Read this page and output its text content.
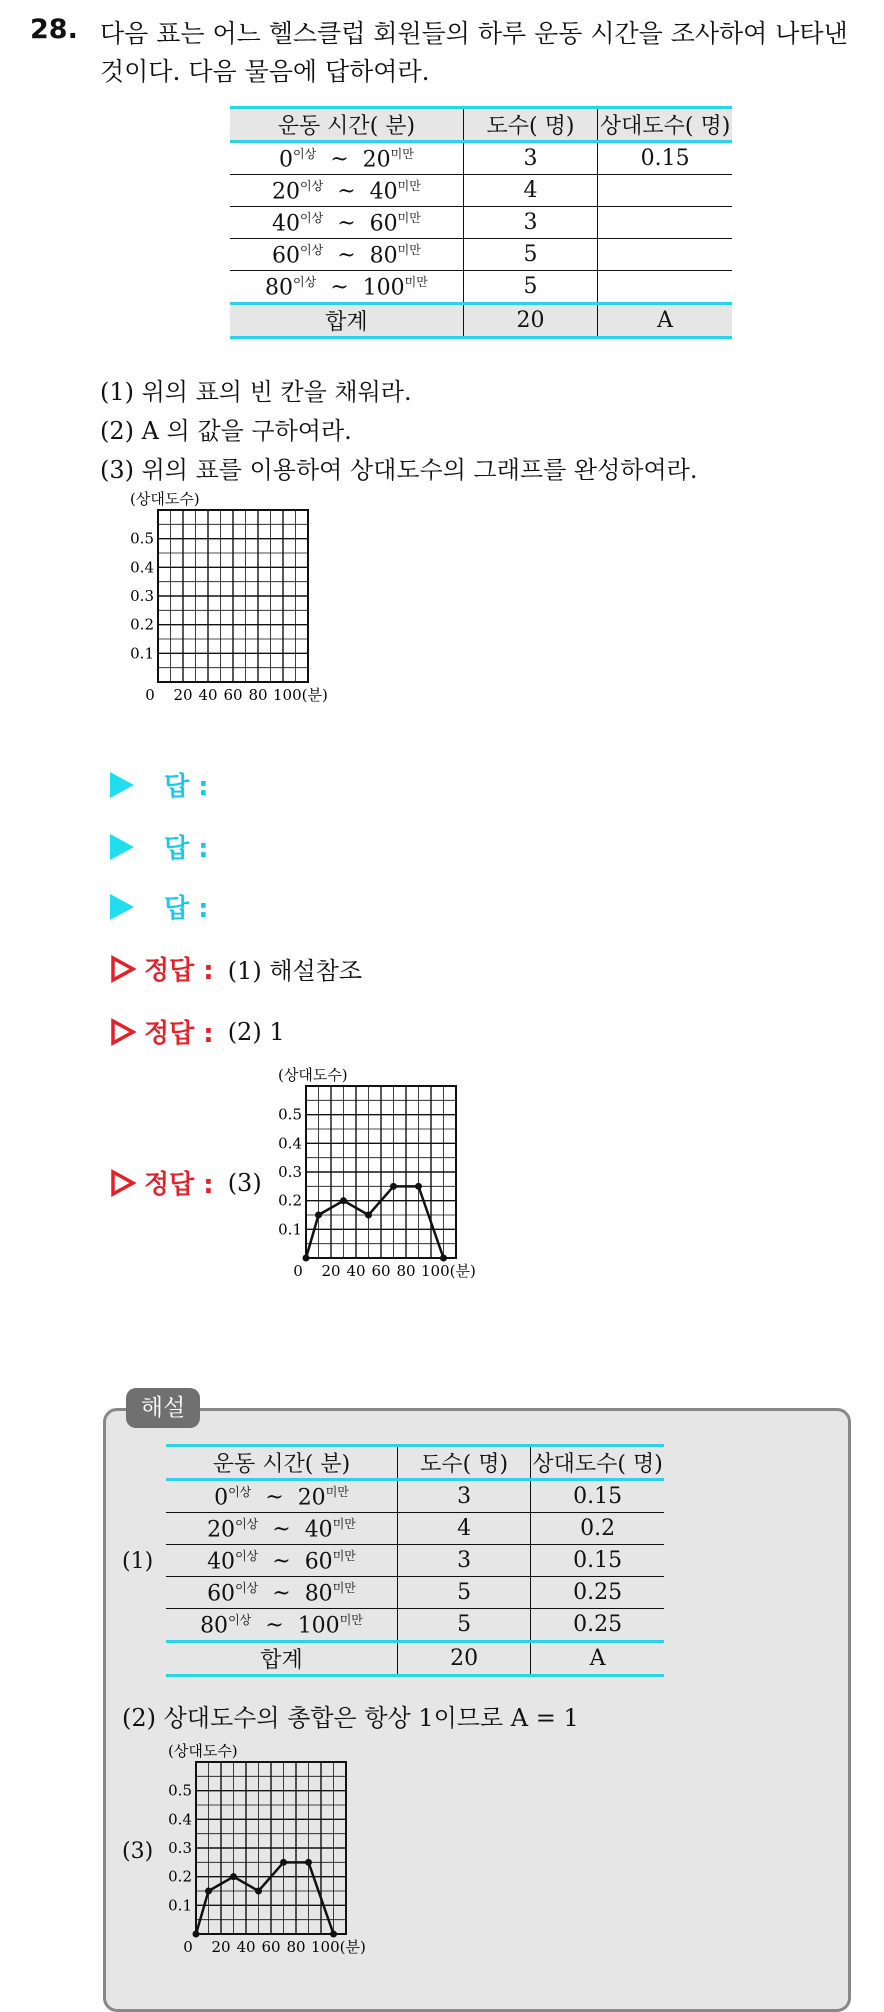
28. 다음 표는 어느 헬스클럽 회원들의 하루 운동 시간을 조사하여 나타낸
것이다. 다음 물음에 답하여라.
운동 시간( 분)	도수( 명)	상대도수( 명)
$0^{이상}$ ~ $20^{미만}$	3	0.15
$20^{이상}$ ~ $40^{미만}$	4	
$40^{이상}$ ~ $60^{미만}$	3	
$60^{이상}$ ~ $80^{미만}$	5	
$80^{이상}$ ~ $100^{미만}$	5	
합계	20	A
(1) 위의 표의 빈 칸을 채워라.
(2) A 의 값을 구하여라.
(3) 위의 표를 이용하여 상대도수의 그래프를 완성하여라.
(상대도수)
0.5
0.4
0.3
0.2
0.1
0 20 40 60 80 100(분)
답 :
답 :
답 :
정답 : (1) 해설참조
정답 : (2) 1
정답 : (3)
(상대도수)
0.5
0.4
0.3
0.2
0.1
0 20 40 60 80 100(분)
해설
운동 시간( 분)	도수( 명)	상대도수( 명)
$0^{이상}$ ~ $20^{미만}$	3	0.15
$20^{이상}$ ~ $40^{미만}$	4	0.2
$40^{이상}$ ~ $60^{미만}$	3	0.15
$60^{이상}$ ~ $80^{미만}$	5	0.25
$80^{이상}$ ~ $100^{미만}$	5	0.25
합계	20	A
(1)
(2) 상대도수의 총합은 항상 1이므로 A = 1
(3)
(상대도수)
0.5
0.4
0.3
0.2
0.1
0 20 40 60 80 100(분)
